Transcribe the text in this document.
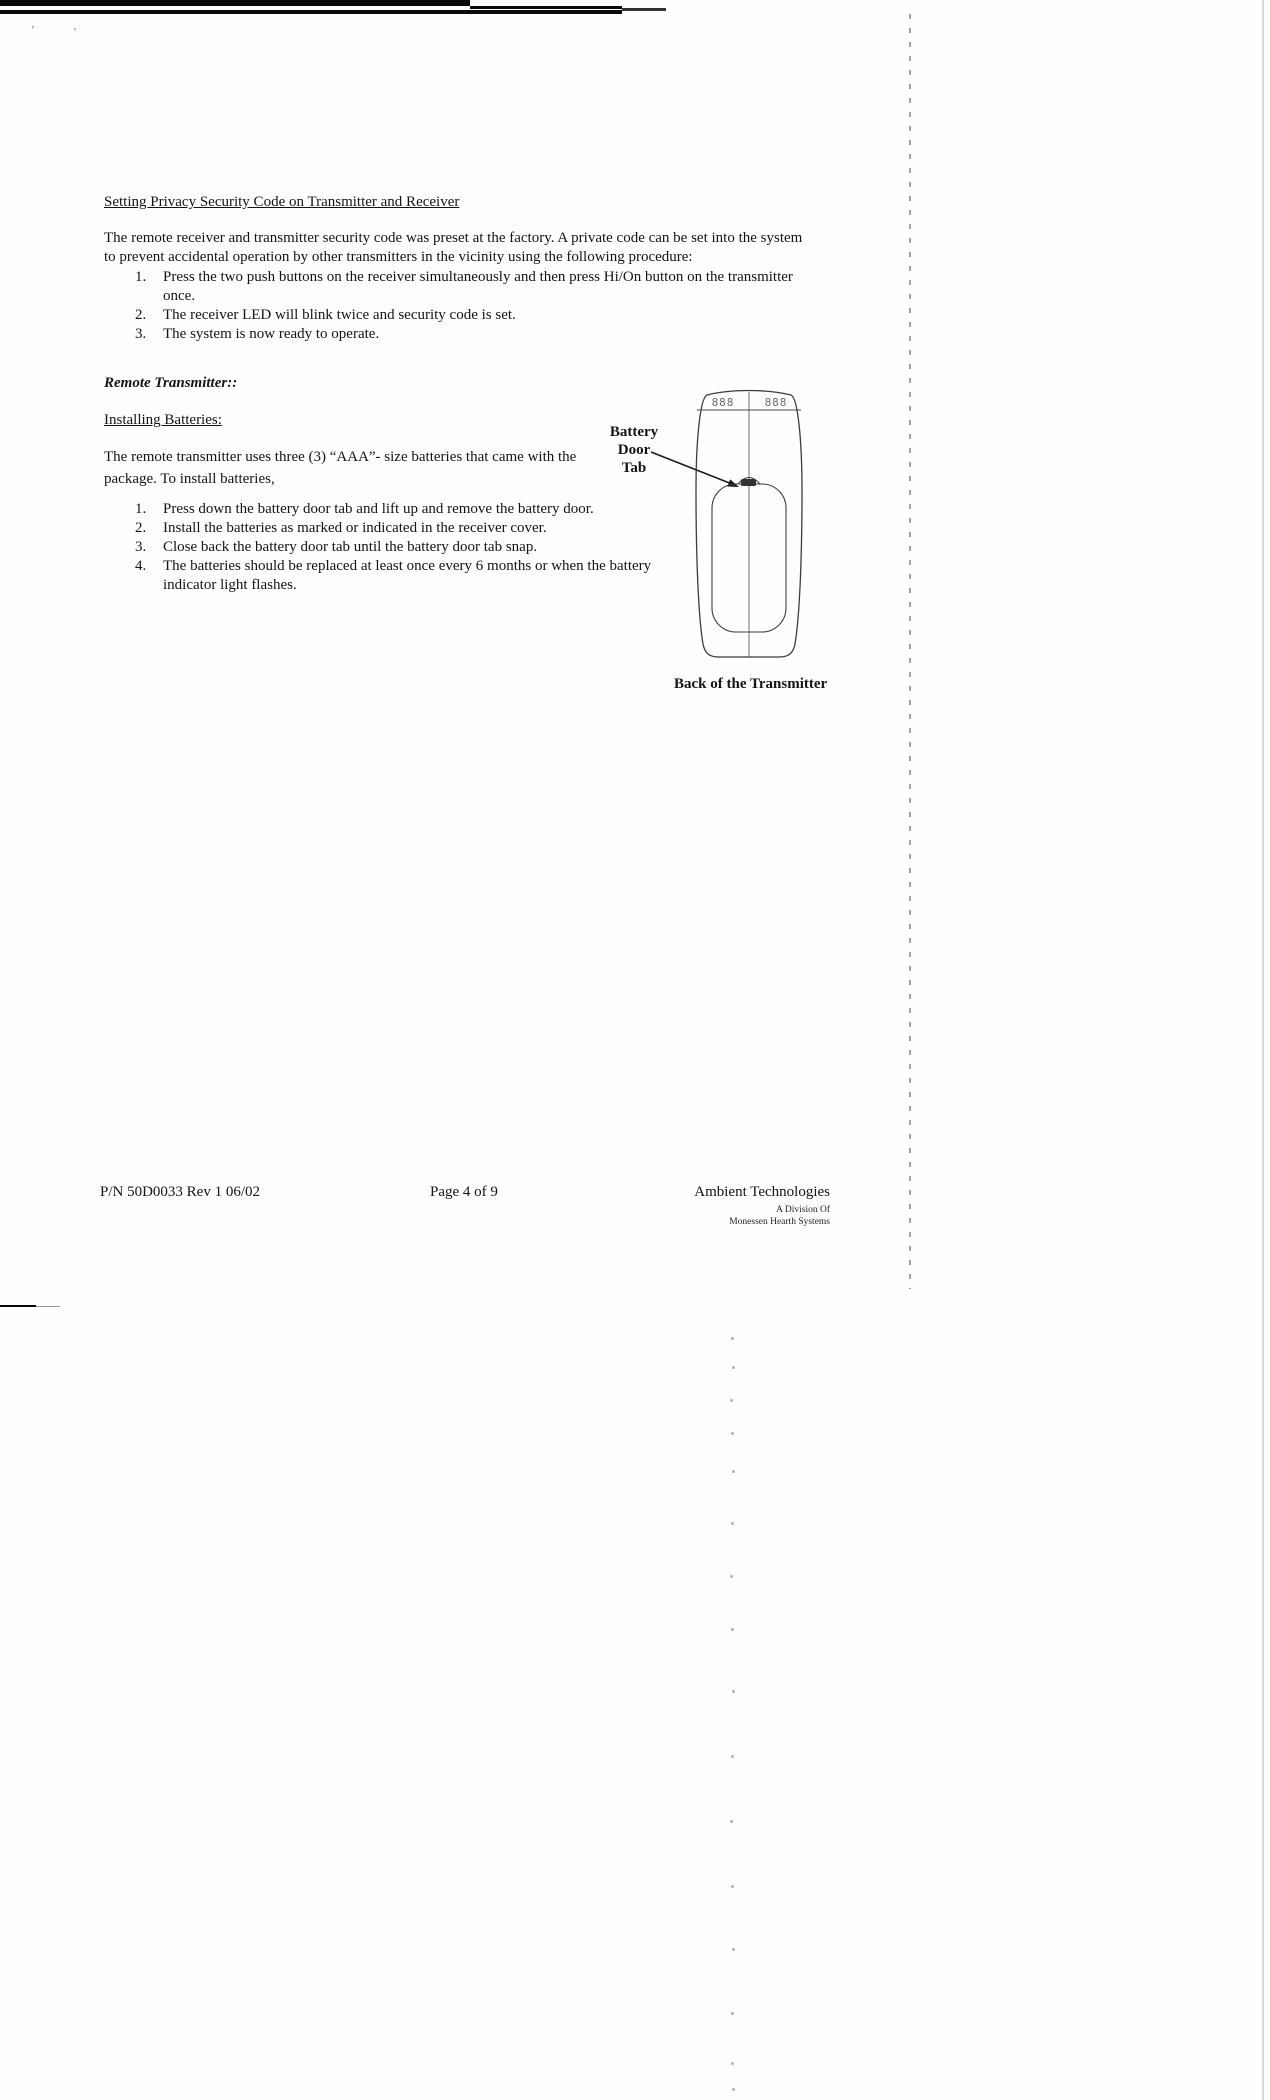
’	’
Setting Privacy Security Code on Transmitter and Receiver
The remote receiver and transmitter security code was preset at the factory. A private code can be set into the system to prevent accidental operation by other transmitters in the vicinity using the following procedure:
1.	Press the two push buttons on the receiver simultaneously and then press Hi/On button on the transmitter once.
2.	The receiver LED will blink twice and security code is set.
3.	The system is now ready to operate.
Remote Transmitter::
Installing Batteries:
The remote transmitter uses three (3) “AAA”- size batteries that came with the package. To install batteries,
Battery
Door
Tab
1.	Press down the battery door tab and lift up and remove the battery door.
2.	Install the batteries as marked or indicated in the receiver cover.
3.	Close back the battery door tab until the battery door tab snap.
4.	The batteries should be replaced at least once every 6 months or when the battery indicator light flashes.
888	888
Back of the Transmitter
P/N 50D0033 Rev 1 06/02	Page 4 of 9	Ambient Technologies
A Division Of
Monessen Hearth Systems
